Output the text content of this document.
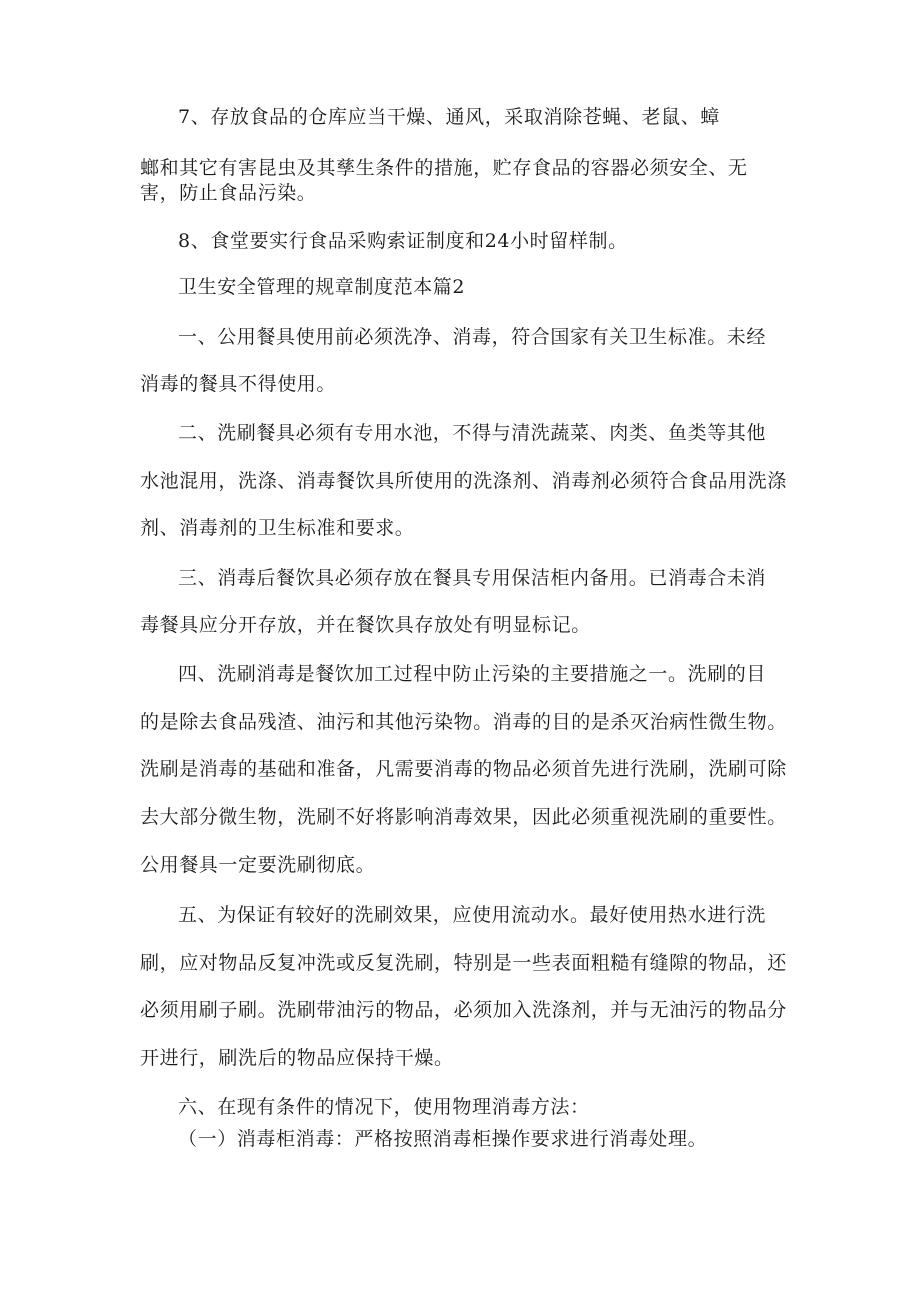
7、存放食品的仓库应当干燥、通风，采取消除苍蝇、老鼠、蟑
螂和其它有害昆虫及其孳生条件的措施，贮存食品的容器必须安全、无
害，防止食品污染。
8、食堂要实行食品采购索证制度和24小时留样制。
卫生安全管理的规章制度范本篇2
一、公用餐具使用前必须洗净、消毒，符合国家有关卫生标准。未经
消毒的餐具不得使用。
二、洗刷餐具必须有专用水池，不得与清洗蔬菜、肉类、鱼类等其他
水池混用，洗涤、消毒餐饮具所使用的洗涤剂、消毒剂必须符合食品用洗涤
剂、消毒剂的卫生标准和要求。
三、消毒后餐饮具必须存放在餐具专用保洁柜内备用。已消毒合未消
毒餐具应分开存放，并在餐饮具存放处有明显标记。
四、洗刷消毒是餐饮加工过程中防止污染的主要措施之一。洗刷的目
的是除去食品残渣、油污和其他污染物。消毒的目的是杀灭治病性微生物。
洗刷是消毒的基础和准备，凡需要消毒的物品必须首先进行洗刷，洗刷可除
去大部分微生物，洗刷不好将影响消毒效果，因此必须重视洗刷的重要性。
公用餐具一定要洗刷彻底。
五、为保证有较好的洗刷效果，应使用流动水。最好使用热水进行洗
刷，应对物品反复冲洗或反复洗刷，特别是一些表面粗糙有缝隙的物品，还
必须用刷子刷。洗刷带油污的物品，必须加入洗涤剂，并与无油污的物品分
开进行，刷洗后的物品应保持干燥。
六、在现有条件的情况下，使用物理消毒方法：
（一）消毒柜消毒：严格按照消毒柜操作要求进行消毒处理。
